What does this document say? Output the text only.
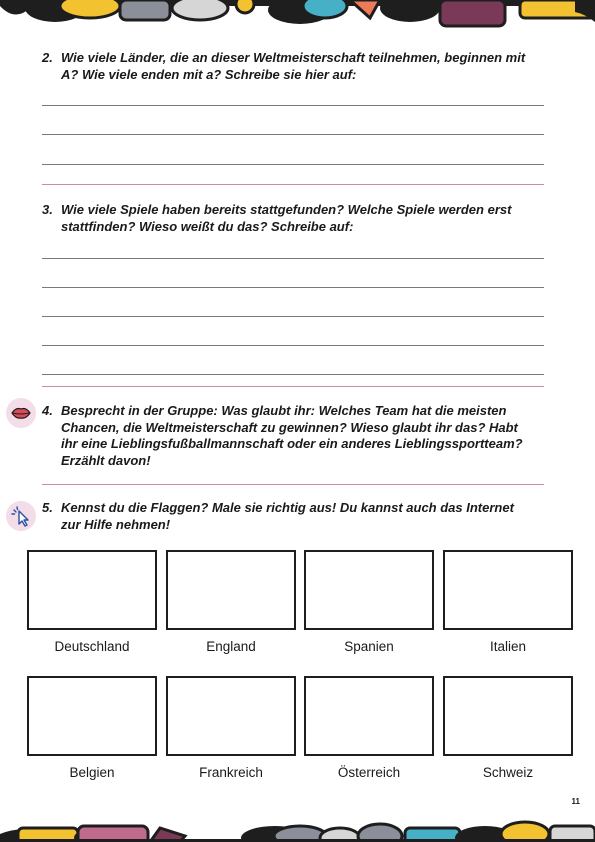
2. Wie viele Länder, die an dieser Weltmeisterschaft teilnehmen, beginnen mit A? Wie viele enden mit a? Schreibe sie hier auf:
3. Wie viele Spiele haben bereits stattgefunden? Welche Spiele werden erst stattfinden? Wieso weißt du das? Schreibe auf:
4. Besprecht in der Gruppe: Was glaubt ihr: Welches Team hat die meisten Chancen, die Weltmeisterschaft zu gewinnen? Wieso glaubt ihr das? Habt ihr eine Lieblingsfußballmannschaft oder ein anderes Lieblingssportteam? Erzählt davon!
5. Kennst du die Flaggen? Male sie richtig aus! Du kannst auch das Internet zur Hilfe nehmen!
Deutschland	England	Spanien	Italien
Belgien	Frankreich	Österreich	Schweiz
11
